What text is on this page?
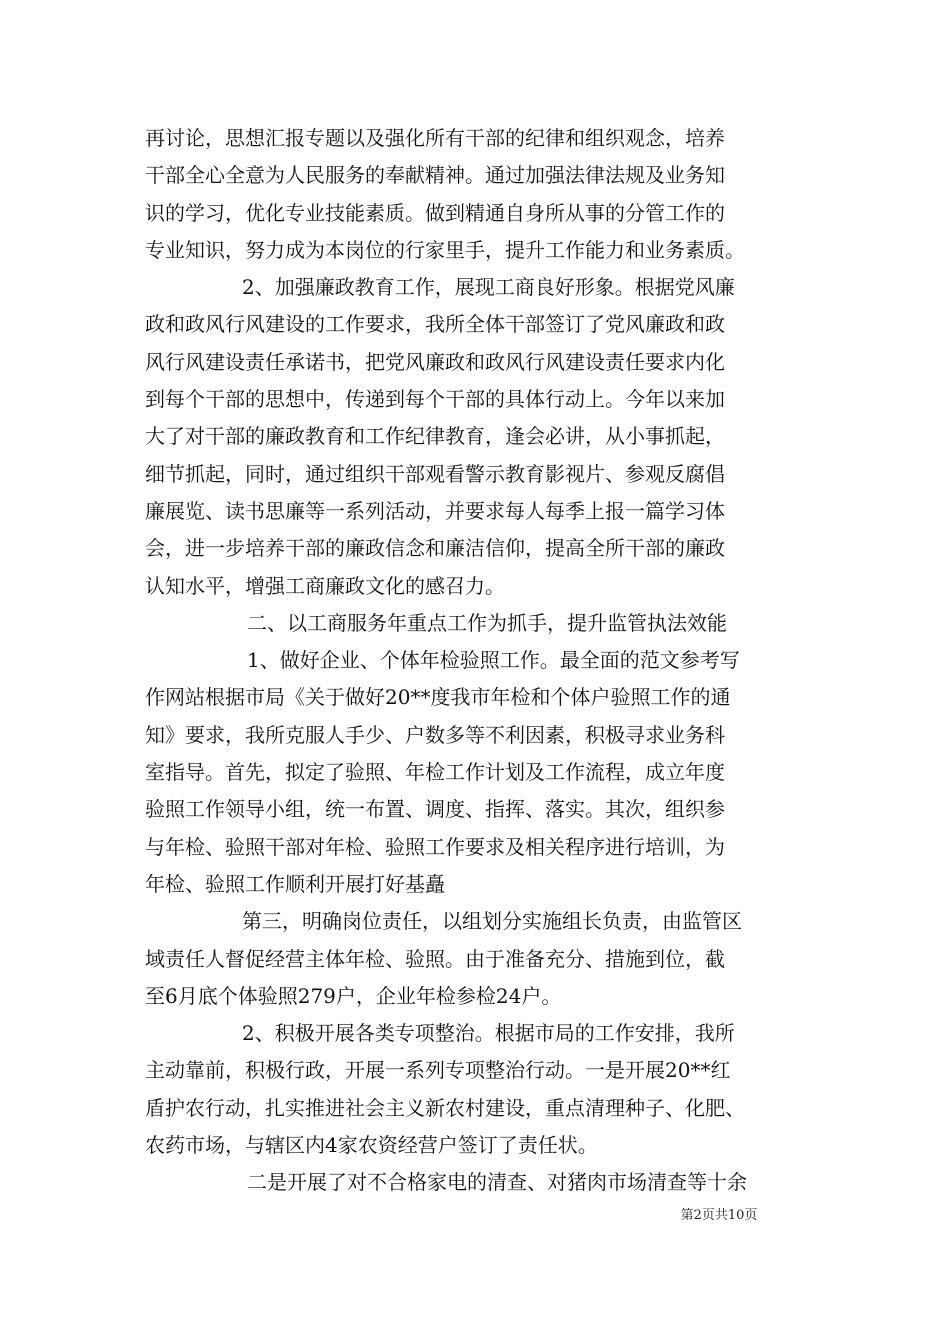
再讨论，思想汇报专题以及强化所有干部的纪律和组织观念，培养
干部全心全意为人民服务的奉献精神。通过加强法律法规及业务知
识的学习，优化专业技能素质。做到精通自身所从事的分管工作的
专业知识，努力成为本岗位的行家里手，提升工作能力和业务素质。
2、加强廉政教育工作，展现工商良好形象。根据党风廉
政和政风行风建设的工作要求，我所全体干部签订了党风廉政和政
风行风建设责任承诺书，把党风廉政和政风行风建设责任要求内化
到每个干部的思想中，传递到每个干部的具体行动上。今年以来加
大了对干部的廉政教育和工作纪律教育，逢会必讲，从小事抓起，
细节抓起，同时，通过组织干部观看警示教育影视片、参观反腐倡
廉展览、读书思廉等一系列活动，并要求每人每季上报一篇学习体
会，进一步培养干部的廉政信念和廉洁信仰，提高全所干部的廉政
认知水平，增强工商廉政文化的感召力。
二、以工商服务年重点工作为抓手，提升监管执法效能
1、做好企业、个体年检验照工作。最全面的范文参考写
作网站根据市局《关于做好20**度我市年检和个体户验照工作的通
知》要求，我所克服人手少、户数多等不利因素，积极寻求业务科
室指导。首先，拟定了验照、年检工作计划及工作流程，成立年度
验照工作领导小组，统一布置、调度、指挥、落实。其次，组织参
与年检、验照干部对年检、验照工作要求及相关程序进行培训，为
年检、验照工作顺利开展打好基矗
第三，明确岗位责任，以组划分实施组长负责，由监管区
域责任人督促经营主体年检、验照。由于准备充分、措施到位，截
至6月底个体验照279户，企业年检参检24户。
2、积极开展各类专项整治。根据市局的工作安排，我所
主动靠前，积极行政，开展一系列专项整治行动。一是开展20**红
盾护农行动，扎实推进社会主义新农村建设，重点清理种子、化肥、
农药市场，与辖区内4家农资经营户签订了责任状。
二是开展了对不合格家电的清查、对猪肉市场清查等十余
第2页共10页
